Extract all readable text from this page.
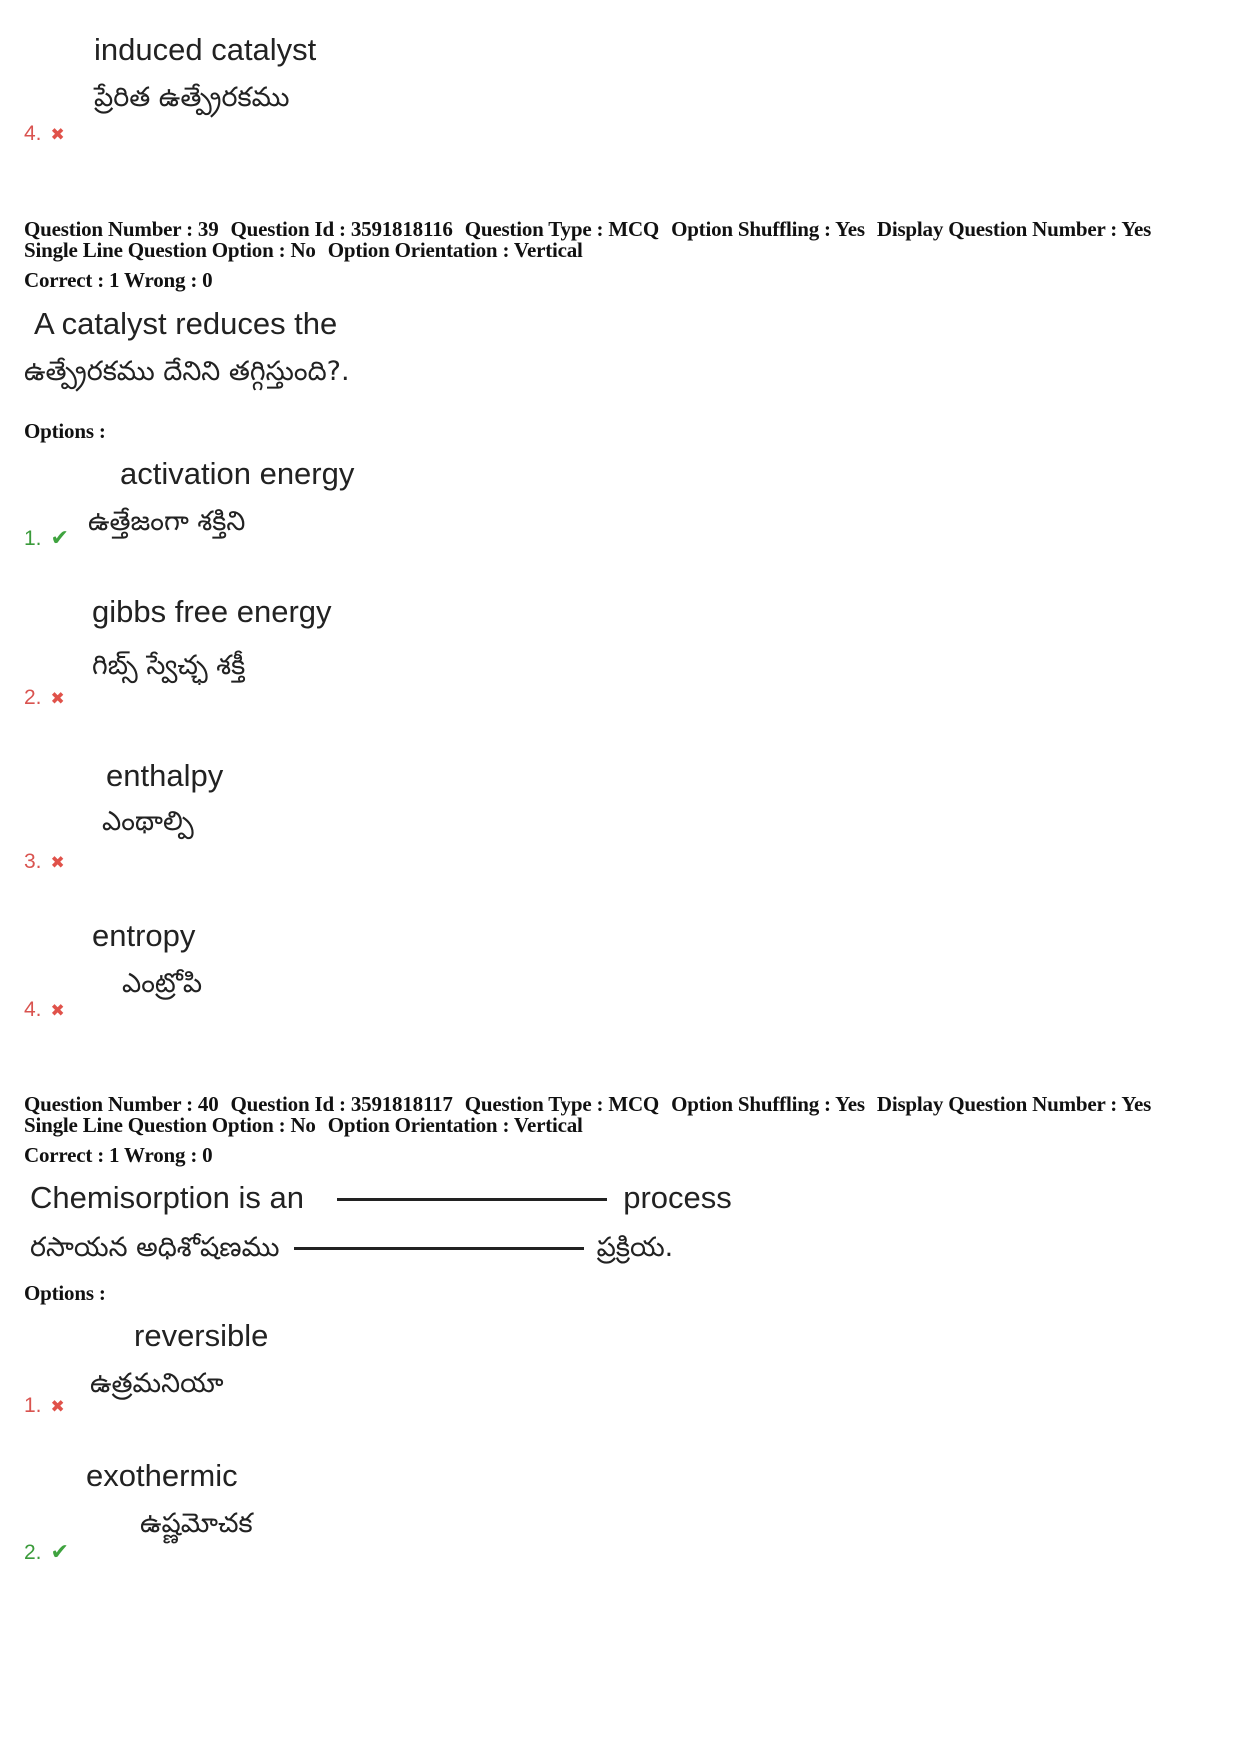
induced catalyst
ప్రేరిత ఉత్ప్రేరకము
4. ✖
Question Number : 39 Question Id : 3591818116 Question Type : MCQ Option Shuffling : Yes Display Question Number : Yes
Single Line Question Option : No Option Orientation : Vertical
Correct : 1 Wrong : 0
A catalyst reduces the
ఉత్ప్రేరకము దేనిని తగ్గిస్తుంది?.
Options :
activation energy
ఉత్తేజంగా శక్తిని
1. ✔
gibbs free energy
గిబ్స్ స్వేచ్ఛ శక్తీ
2. ✖
enthalpy
ఎంథాల్పి
3. ✖
entropy
ఎంట్రోపి
4. ✖
Question Number : 40 Question Id : 3591818117 Question Type : MCQ Option Shuffling : Yes Display Question Number : Yes
Single Line Question Option : No Option Orientation : Vertical
Correct : 1 Wrong : 0
Chemisorption is an	process
రసాయన అధిశోషణము	ప్రక్రియ.
Options :
reversible
ఉత్రమనియా
1. ✖
exothermic
ఉష్ణమోచక
2. ✔
